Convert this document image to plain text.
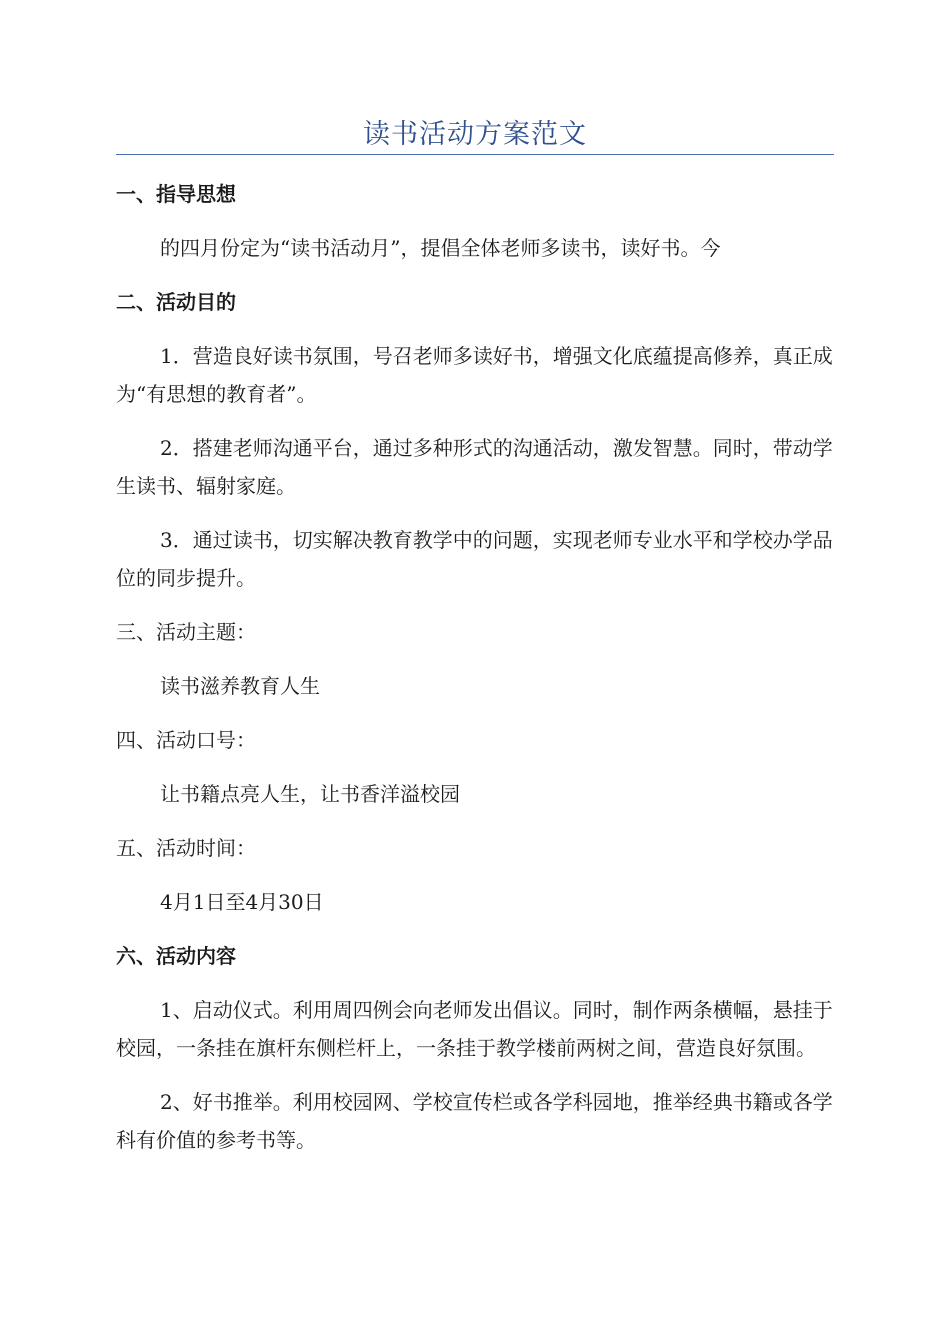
读书活动方案范文
一、指导思想
的四月份定为“读书活动月”，提倡全体老师多读书，读好书。今
二、活动目的
1．营造良好读书氛围，号召老师多读好书，增强文化底蕴提高修养，真正成为“有思想的教育者”。
2．搭建老师沟通平台，通过多种形式的沟通活动，激发智慧。同时，带动学生读书、辐射家庭。
3．通过读书，切实解决教育教学中的问题，实现老师专业水平和学校办学品位的同步提升。
三、活动主题：
读书滋养教育人生
四、活动口号：
让书籍点亮人生，让书香洋溢校园
五、活动时间：
4月1日至4月30日
六、活动内容
1、启动仪式。利用周四例会向老师发出倡议。同时，制作两条横幅，悬挂于校园，一条挂在旗杆东侧栏杆上，一条挂于教学楼前两树之间，营造良好氛围。
2、好书推举。利用校园网、学校宣传栏或各学科园地，推举经典书籍或各学科有价值的参考书等。
